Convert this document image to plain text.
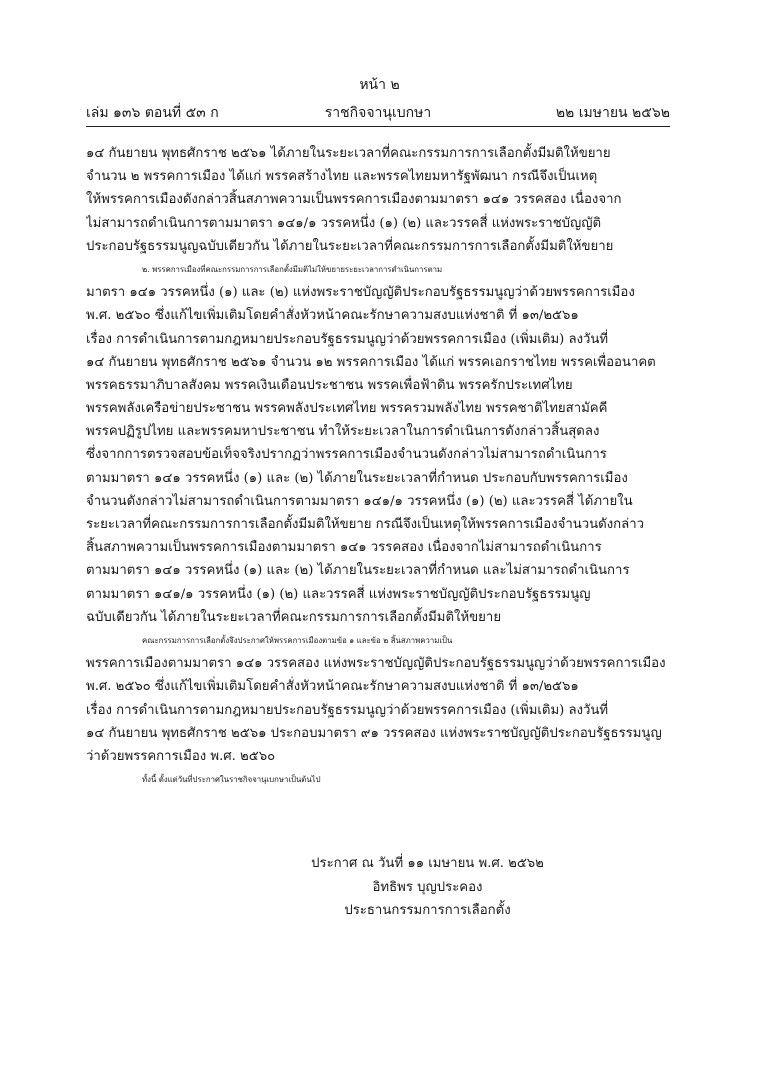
หน้า ๒
เล่ม ๑๓๖ ตอนที่ ๕๓ ก	ราชกิจจานุเบกษา	๒๒ เมษายน ๒๕๖๒
๑๔ กันยายน พุทธศักราช ๒๕๖๑ ได้ภายในระยะเวลาที่คณะกรรมการการเลือกตั้งมีมติให้ขยาย
จำนวน ๒ พรรคการเมือง ได้แก่ พรรคสร้างไทย และพรรคไทยมหารัฐพัฒนา กรณีจึงเป็นเหตุ
ให้พรรคการเมืองดังกล่าวสิ้นสภาพความเป็นพรรคการเมืองตามมาตรา ๑๔๑ วรรคสอง เนื่องจาก
ไม่สามารถดำเนินการตามมาตรา ๑๔๑/๑ วรรคหนึ่ง (๑) (๒) และวรรคสี่ แห่งพระราชบัญญัติ
ประกอบรัฐธรรมนูญฉบับเดียวกัน ได้ภายในระยะเวลาที่คณะกรรมการการเลือกตั้งมีมติให้ขยาย
๒. พรรคการเมืองที่คณะกรรมการการเลือกตั้งมีมติไม่ให้ขยายระยะเวลาการดำเนินการตาม
มาตรา ๑๔๑ วรรคหนึ่ง (๑) และ (๒) แห่งพระราชบัญญัติประกอบรัฐธรรมนูญว่าด้วยพรรคการเมือง
พ.ศ. ๒๕๖๐ ซึ่งแก้ไขเพิ่มเติมโดยคำสั่งหัวหน้าคณะรักษาความสงบแห่งชาติ ที่ ๑๓/๒๕๖๑
เรื่อง การดำเนินการตามกฎหมายประกอบรัฐธรรมนูญว่าด้วยพรรคการเมือง (เพิ่มเติม) ลงวันที่
๑๔ กันยายน พุทธศักราช ๒๕๖๑ จำนวน ๑๒ พรรคการเมือง ได้แก่ พรรคเอกราชไทย พรรคเพื่ออนาคต
พรรคธรรมาภิบาลสังคม พรรคเงินเดือนประชาชน พรรคเพื่อฟ้าดิน พรรครักประเทศไทย
พรรคพลังเครือข่ายประชาชน พรรคพลังประเทศไทย พรรครวมพลังไทย พรรคชาติไทยสามัคคี
พรรคปฏิรูปไทย และพรรคมหาประชาชน ทำให้ระยะเวลาในการดำเนินการดังกล่าวสิ้นสุดลง
ซึ่งจากการตรวจสอบข้อเท็จจริงปรากฏว่าพรรคการเมืองจำนวนดังกล่าวไม่สามารถดำเนินการ
ตามมาตรา ๑๔๑ วรรคหนึ่ง (๑) และ (๒) ได้ภายในระยะเวลาที่กำหนด ประกอบกับพรรคการเมือง
จำนวนดังกล่าวไม่สามารถดำเนินการตามมาตรา ๑๔๑/๑ วรรคหนึ่ง (๑) (๒) และวรรคสี่ ได้ภายใน
ระยะเวลาที่คณะกรรมการการเลือกตั้งมีมติให้ขยาย กรณีจึงเป็นเหตุให้พรรคการเมืองจำนวนดังกล่าว
สิ้นสภาพความเป็นพรรคการเมืองตามมาตรา ๑๔๑ วรรคสอง เนื่องจากไม่สามารถดำเนินการ
ตามมาตรา ๑๔๑ วรรคหนึ่ง (๑) และ (๒) ได้ภายในระยะเวลาที่กำหนด และไม่สามารถดำเนินการ
ตามมาตรา ๑๔๑/๑ วรรคหนึ่ง (๑) (๒) และวรรคสี่ แห่งพระราชบัญญัติประกอบรัฐธรรมนูญ
ฉบับเดียวกัน ได้ภายในระยะเวลาที่คณะกรรมการการเลือกตั้งมีมติให้ขยาย
คณะกรรมการการเลือกตั้งจึงประกาศให้พรรคการเมืองตามข้อ ๑ และข้อ ๒ สิ้นสภาพความเป็น
พรรคการเมืองตามมาตรา ๑๔๑ วรรคสอง แห่งพระราชบัญญัติประกอบรัฐธรรมนูญว่าด้วยพรรคการเมือง
พ.ศ. ๒๕๖๐ ซึ่งแก้ไขเพิ่มเติมโดยคำสั่งหัวหน้าคณะรักษาความสงบแห่งชาติ ที่ ๑๓/๒๕๖๑
เรื่อง การดำเนินการตามกฎหมายประกอบรัฐธรรมนูญว่าด้วยพรรคการเมือง (เพิ่มเติม) ลงวันที่
๑๔ กันยายน พุทธศักราช ๒๕๖๑ ประกอบมาตรา ๙๑ วรรคสอง แห่งพระราชบัญญัติประกอบรัฐธรรมนูญ
ว่าด้วยพรรคการเมือง พ.ศ. ๒๕๖๐
ทั้งนี้ ตั้งแต่วันที่ประกาศในราชกิจจานุเบกษาเป็นต้นไป
ประกาศ ณ วันที่ ๑๑ เมษายน พ.ศ. ๒๕๖๒
อิทธิพร บุญประคอง
ประธานกรรมการการเลือกตั้ง
